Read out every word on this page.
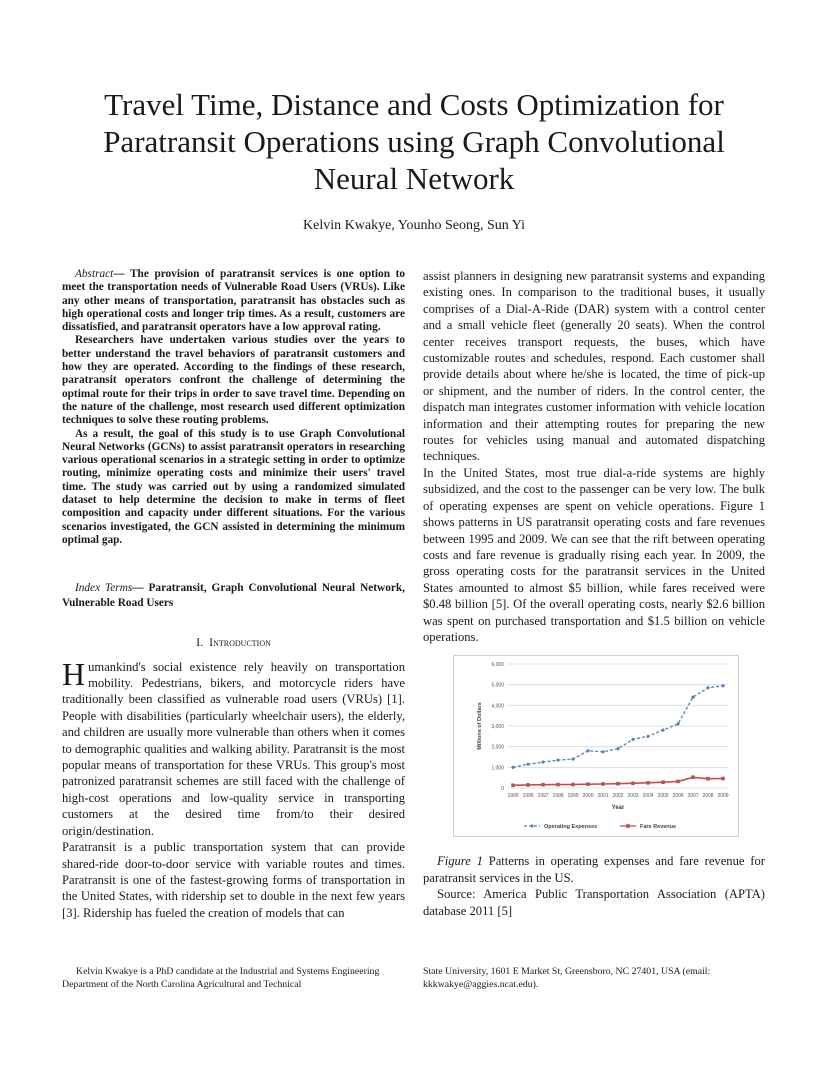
Travel Time, Distance and Costs Optimization for Paratransit Operations using Graph Convolutional Neural Network
Kelvin Kwakye, Younho Seong, Sun Yi

Abstract— The provision of paratransit services is one option to meet the transportation needs of Vulnerable Road Users (VRUs). Like any other means of transportation, paratransit has obstacles such as high operational costs and longer trip times. As a result, customers are dissatisfied, and paratransit operators have a low approval rating.

Researchers have undertaken various studies over the years to better understand the travel behaviors of paratransit customers and how they are operated. According to the findings of these research, paratransit operators confront the challenge of determining the optimal route for their trips in order to save travel time. Depending on the nature of the challenge, most research used different optimization techniques to solve these routing problems.

As a result, the goal of this study is to use Graph Convolutional Neural Networks (GCNs) to assist paratransit operators in researching various operational scenarios in a strategic setting in order to optimize routing, minimize operating costs and minimize their users' travel time. The study was carried out by using a randomized simulated dataset to help determine the decision to make in terms of fleet composition and capacity under different situations. For the various scenarios investigated, the GCN assisted in determining the minimum optimal gap.

Index Terms— Paratransit, Graph Convolutional Neural Network, Vulnerable Road Users

I. Introduction

Humankind's social existence rely heavily on transportation mobility. Pedestrians, bikers, and motorcycle riders have traditionally been classified as vulnerable road users (VRUs) [1]. People with disabilities (particularly wheelchair users), the elderly, and children are usually more vulnerable than others when it comes to demographic qualities and walking ability. Paratransit is the most popular means of transportation for these VRUs. This group's most patronized paratransit schemes are still faced with the challenge of high-cost operations and low-quality service in transporting customers at the desired time from/to their desired origin/destination.

Paratransit is a public transportation system that can provide shared-ride door-to-door service with variable routes and times. Paratransit is one of the fastest-growing forms of transportation in the United States, with ridership set to double in the next few years [3]. Ridership has fueled the creation of models that can

assist planners in designing new paratransit systems and expanding existing ones. In comparison to the traditional buses, it usually comprises of a Dial-A-Ride (DAR) system with a control center and a small vehicle fleet (generally 20 seats). When the control center receives transport requests, the buses, which have customizable routes and schedules, respond. Each customer shall provide details about where he/she is located, the time of pick-up or shipment, and the number of riders. In the control center, the dispatch man integrates customer information with vehicle location information and their attempting routes for preparing the new routes for vehicles using manual and automated dispatching techniques.

In the United States, most true dial-a-ride systems are highly subsidized, and the cost to the passenger can be very low. The bulk of operating expenses are spent on vehicle operations. Figure 1 shows patterns in US paratransit operating costs and fare revenues between 1995 and 2009. We can see that the rift between operating costs and fare revenue is gradually rising each year. In 2009, the gross operating costs for the paratransit services in the United States amounted to almost $5 billion, while fares received were $0.48 billion [5]. Of the overall operating costs, nearly $2.6 billion was spent on purchased transportation and $1.5 billion on vehicle operations.

0
1,000
2,000
3,000
4,000
5,000
6,000
1995 1996 1997 1998 1999 2000 2001 2002 2003 2004 2005 2006 2007 2008 2009
Year
Millions of Dollars
Operating Expenses	Fare Revenue

Figure 1 Patterns in operating expenses and fare revenue for paratransit services in the US.

Source: America Public Transportation Association (APTA) database 2011 [5]

Kelvin Kwakye is a PhD candidate at the Industrial and Systems Engineering Department of the North Carolina Agricultural and Technical
State University, 1601 E Market St, Greensboro, NC 27401, USA (email: kkkwakye@aggies.ncat.edu).
